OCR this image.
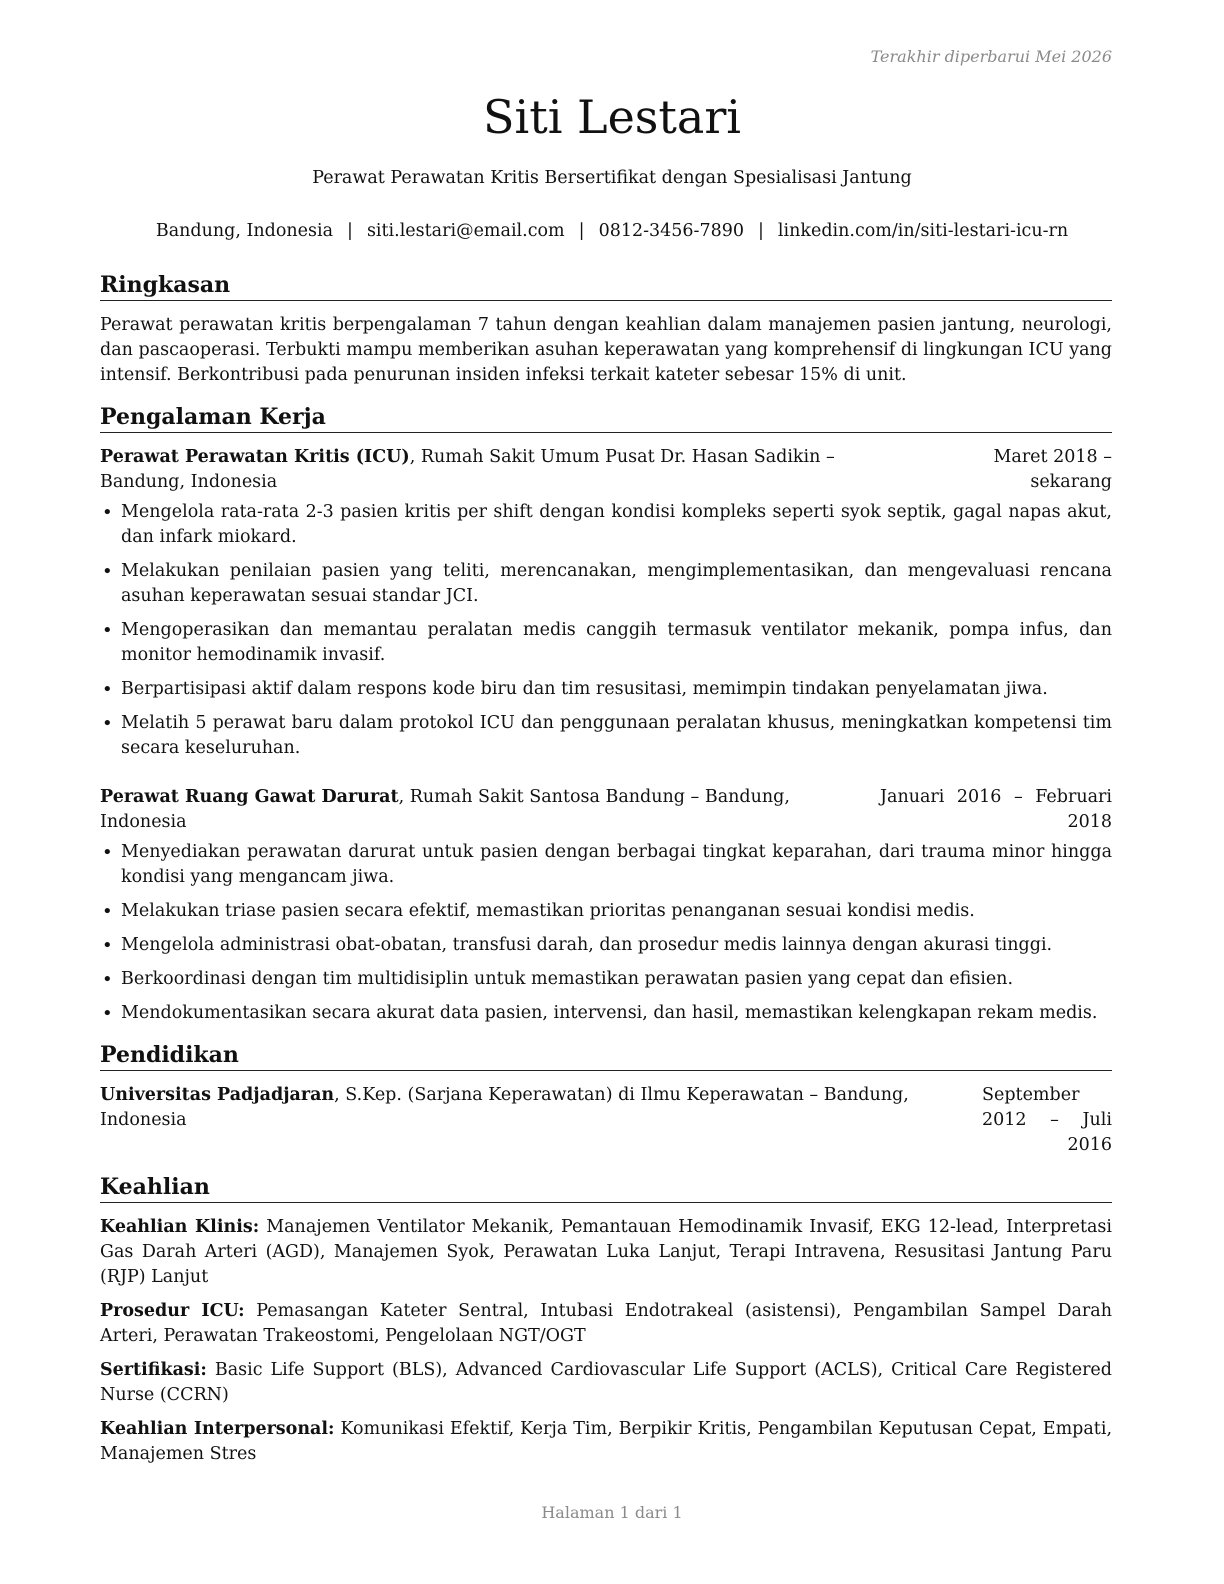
Terakhir diperbarui Mei 2026
Siti Lestari
Perawat Perawatan Kritis Bersertifikat dengan Spesialisasi Jantung
Bandung, Indonesia | siti.lestari@email.com | 0812-3456-7890 | linkedin.com/in/siti-lestari-icu-rn
Ringkasan

Perawat perawatan kritis berpengalaman 7 tahun dengan keahlian dalam manajemen pasien jantung, neurologi, dan pascaoperasi. Terbukti mampu memberikan asuhan keperawatan yang komprehensif di lingkungan ICU yang intensif. Berkontribusi pada penurunan insiden infeksi terkait kateter sebesar 15% di unit.

Pengalaman Kerja
Perawat Perawatan Kritis (ICU), Rumah Sakit Umum Pusat Dr. Hasan Sadikin – Bandung, Indonesia
Maret 2018 – sekarang
• Mengelola rata-rata 2-3 pasien kritis per shift dengan kondisi kompleks seperti syok septik, gagal napas akut, dan infark miokard.
• Melakukan penilaian pasien yang teliti, merencanakan, mengimplementasikan, dan mengevaluasi rencana asuhan keperawatan sesuai standar JCI.
• Mengoperasikan dan memantau peralatan medis canggih termasuk ventilator mekanik, pompa infus, dan monitor hemodinamik invasif.
• Berpartisipasi aktif dalam respons kode biru dan tim resusitasi, memimpin tindakan penyelamatan jiwa.
• Melatih 5 perawat baru dalam protokol ICU dan penggunaan peralatan khusus, meningkatkan kompetensi tim secara keseluruhan.
Perawat Ruang Gawat Darurat, Rumah Sakit Santosa Bandung – Bandung, Indonesia
Januari 2016 – Februari 2018
• Menyediakan perawatan darurat untuk pasien dengan berbagai tingkat keparahan, dari trauma minor hingga kondisi yang mengancam jiwa.
• Melakukan triase pasien secara efektif, memastikan prioritas penanganan sesuai kondisi medis.
• Mengelola administrasi obat-obatan, transfusi darah, dan prosedur medis lainnya dengan akurasi tinggi.
• Berkoordinasi dengan tim multidisiplin untuk memastikan perawatan pasien yang cepat dan efisien.
• Mendokumentasikan secara akurat data pasien, intervensi, dan hasil, memastikan kelengkapan rekam medis.
Pendidikan
Universitas Padjadjaran, S.Kep. (Sarjana Keperawatan) di Ilmu Keperawatan – Bandung, Indonesia
September 2012 – Juli 2016
Keahlian

Keahlian Klinis: Manajemen Ventilator Mekanik, Pemantauan Hemodinamik Invasif, EKG 12-lead, Interpretasi Gas Darah Arteri (AGD), Manajemen Syok, Perawatan Luka Lanjut, Terapi Intravena, Resusitasi Jantung Paru (RJP) Lanjut

Prosedur ICU: Pemasangan Kateter Sentral, Intubasi Endotrakeal (asistensi), Pengambilan Sampel Darah Arteri, Perawatan Trakeostomi, Pengelolaan NGT/OGT

Sertifikasi: Basic Life Support (BLS), Advanced Cardiovascular Life Support (ACLS), Critical Care Registered Nurse (CCRN)

Keahlian Interpersonal: Komunikasi Efektif, Kerja Tim, Berpikir Kritis, Pengambilan Keputusan Cepat, Empati, Manajemen Stres

Halaman 1 dari 1
